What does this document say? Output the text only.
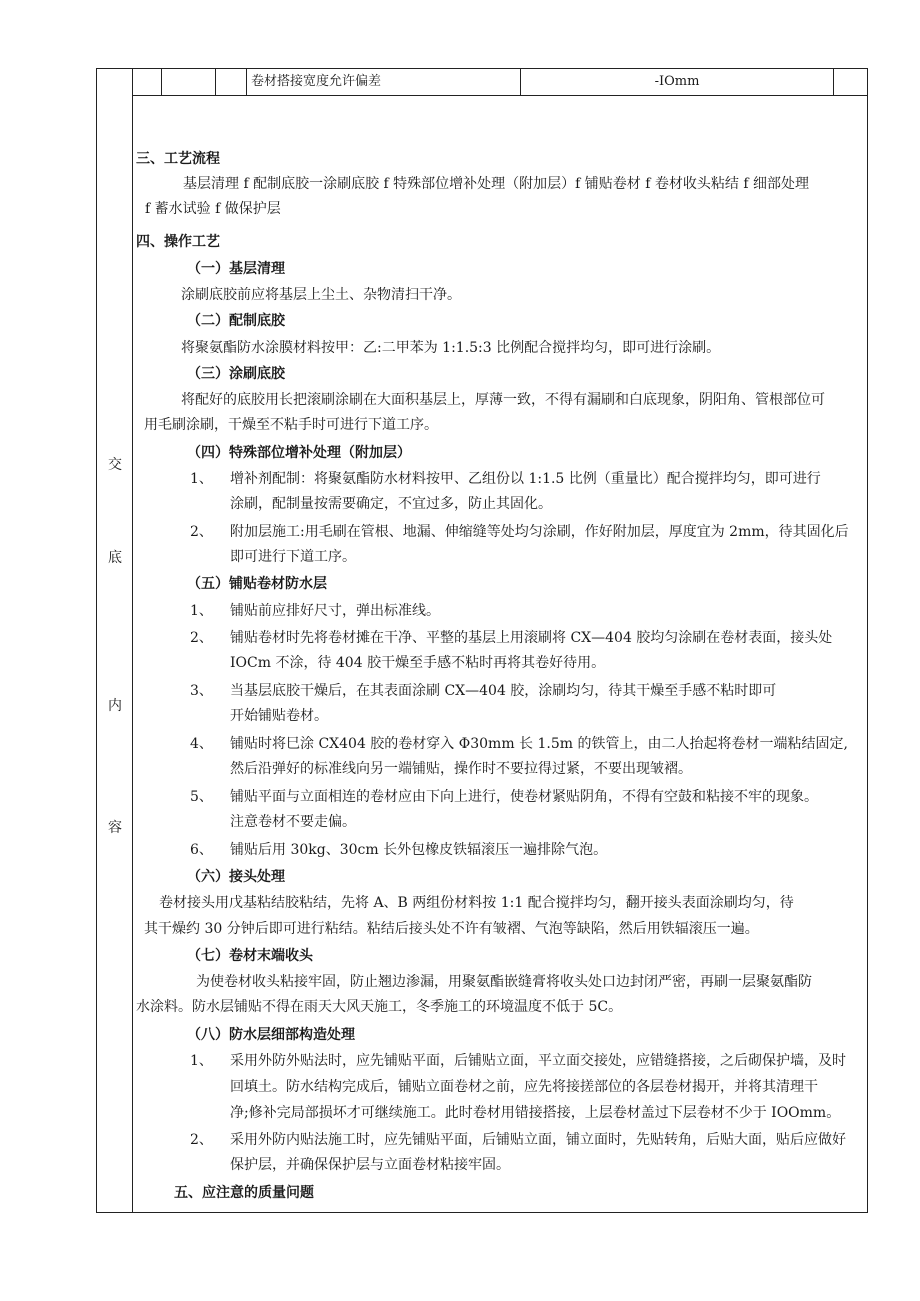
交
底
内
容
卷材搭接宽度允许偏差	-IOmm
三、工艺流程
基层清理 f 配制底胶一涂刷底胶 f 特殊部位增补处理（附加层）f 铺贴卷材 f 卷材收头粘结 f 细部处理
f 蓄水试验 f 做保护层
四、操作工艺
（一）基层清理
涂刷底胶前应将基层上尘土、杂物清扫干净。
（二）配制底胶
将聚氨酯防水涂膜材料按甲：乙:二甲苯为 1:1.5:3 比例配合搅拌均匀，即可进行涂刷。
（三）涂刷底胶
将配好的底胶用长把滚刷涂刷在大面积基层上，厚薄一致，不得有漏刷和白底现象，阴阳角、管根部位可
用毛刷涂刷，干燥至不粘手时可进行下道工序。
（四）特殊部位增补处理（附加层）
1、 增补剂配制：将聚氨酯防水材料按甲、乙组份以 1:1.5 比例（重量比）配合搅拌均匀，即可进行
涂刷，配制量按需要确定，不宜过多，防止其固化。
2、 附加层施工:用毛刷在管根、地漏、伸缩缝等处均匀涂刷，作好附加层，厚度宜为 2mm，待其固化后
即可进行下道工序。
（五）铺贴卷材防水层
1、 铺贴前应排好尺寸，弹出标准线。
2、 铺贴卷材时先将卷材摊在干净、平整的基层上用滚刷将 CX—404 胶均匀涂刷在卷材表面，接头处
IOCm 不涂，待 404 胶干燥至手感不粘时再将其卷好待用。
3、 当基层底胶干燥后，在其表面涂刷 CX—404 胶，涂刷均匀，待其干燥至手感不粘时即可
开始铺贴卷材。
4、 铺贴时将巳涂 CX404 胶的卷材穿入 Φ30mm 长 1.5m 的铁管上，由二人抬起将卷材一端粘结固定,
然后沿弹好的标准线向另一端铺贴，操作时不要拉得过紧，不要出现皱褶。
5、 铺贴平面与立面相连的卷材应由下向上进行，使卷材紧贴阴角，不得有空鼓和粘接不牢的现象。
注意卷材不要走偏。
6、 铺贴后用 30kg、30cm 长外包橡皮铁辐滚压一遍排除气泡。
（六）接头处理
卷材接头用戊基粘结胶粘结，先将 A、B 两组份材料按 1:1 配合搅拌均匀，翻开接头表面涂刷均匀，待
其干燥约 30 分钟后即可进行粘结。粘结后接头处不许有皱褶、气泡等缺陷，然后用铁辐滚压一遍。
（七）卷材末端收头
为使卷材收头粘接牢固，防止翘边渗漏，用聚氨酯嵌缝膏将收头处口边封闭严密，再刷一层聚氨酯防
水涂料。防水层铺贴不得在雨天大风天施工，冬季施工的环境温度不低于 5C。
（八）防水层细部构造处理
1、 采用外防外贴法时，应先铺贴平面，后铺贴立面，平立面交接处，应错缝搭接，之后砌保护墙，及时
回填土。防水结构完成后，铺贴立面卷材之前，应先将接搓部位的各层卷材揭开，并将其清理干
净;修补完局部损坏才可继续施工。此时卷材用错接搭接，上层卷材盖过下层卷材不少于 IOOmm。
2、 采用外防内贴法施工时，应先铺贴平面，后铺贴立面，铺立面时，先贴转角，后贴大面，贴后应做好
保护层，并确保保护层与立面卷材粘接牢固。
五、应注意的质量问题
